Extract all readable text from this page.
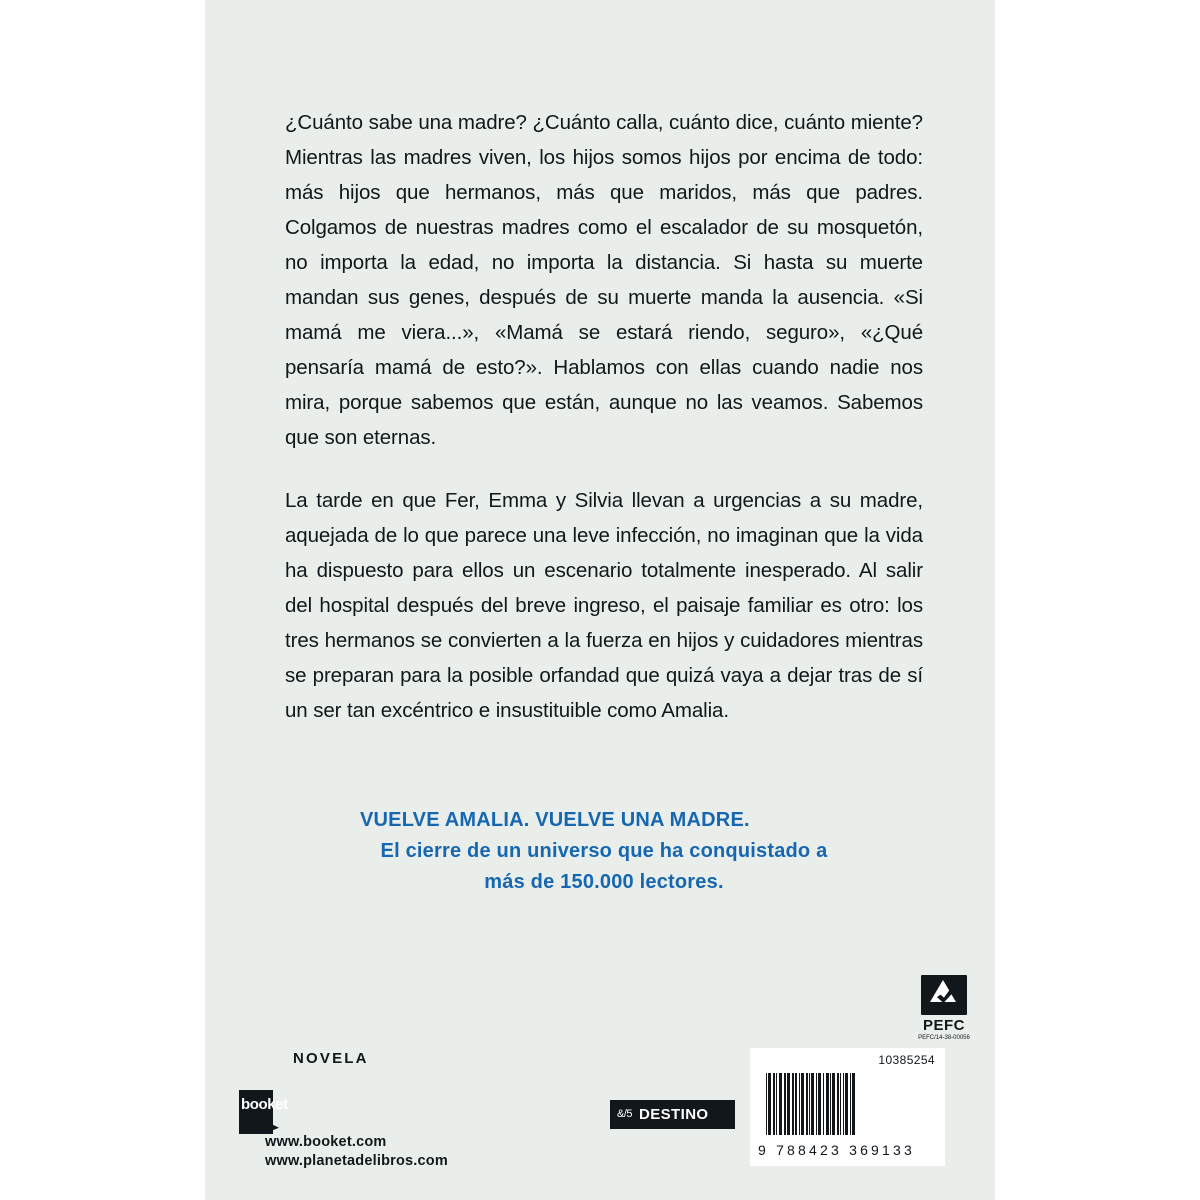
¿Cuánto sabe una madre? ¿Cuánto calla, cuánto dice, cuánto miente? Mientras las madres viven, los hijos somos hijos por encima de todo: más hijos que hermanos, más que maridos, más que padres. Colgamos de nuestras madres como el escalador de su mosquetón, no importa la edad, no importa la distancia. Si hasta su muerte mandan sus genes, después de su muerte manda la ausencia. «Si mamá me viera...», «Mamá se estará riendo, seguro», «¿Qué pensaría mamá de esto?». Hablamos con ellas cuando nadie nos mira, porque sabemos que están, aunque no las veamos. Sabemos que son eternas.

La tarde en que Fer, Emma y Silvia llevan a urgencias a su madre, aquejada de lo que parece una leve infección, no imaginan que la vida ha dispuesto para ellos un escenario totalmente inesperado. Al salir del hospital después del breve ingreso, el paisaje familiar es otro: los tres hermanos se convierten a la fuerza en hijos y cuidadores mientras se preparan para la posible orfandad que quizá vaya a dejar tras de sí un ser tan excéntrico e insustituible como Amalia.

VUELVE AMALIA. VUELVE UNA MADRE.
El cierre de un universo que ha conquistado a
más de 150.000 lectores.
NOVELA
booket
www.booket.com
www.planetadelibros.com
&/5 DESTINO
PEFC
PEFC/14-38-00056
10385254
9 788423 369133
